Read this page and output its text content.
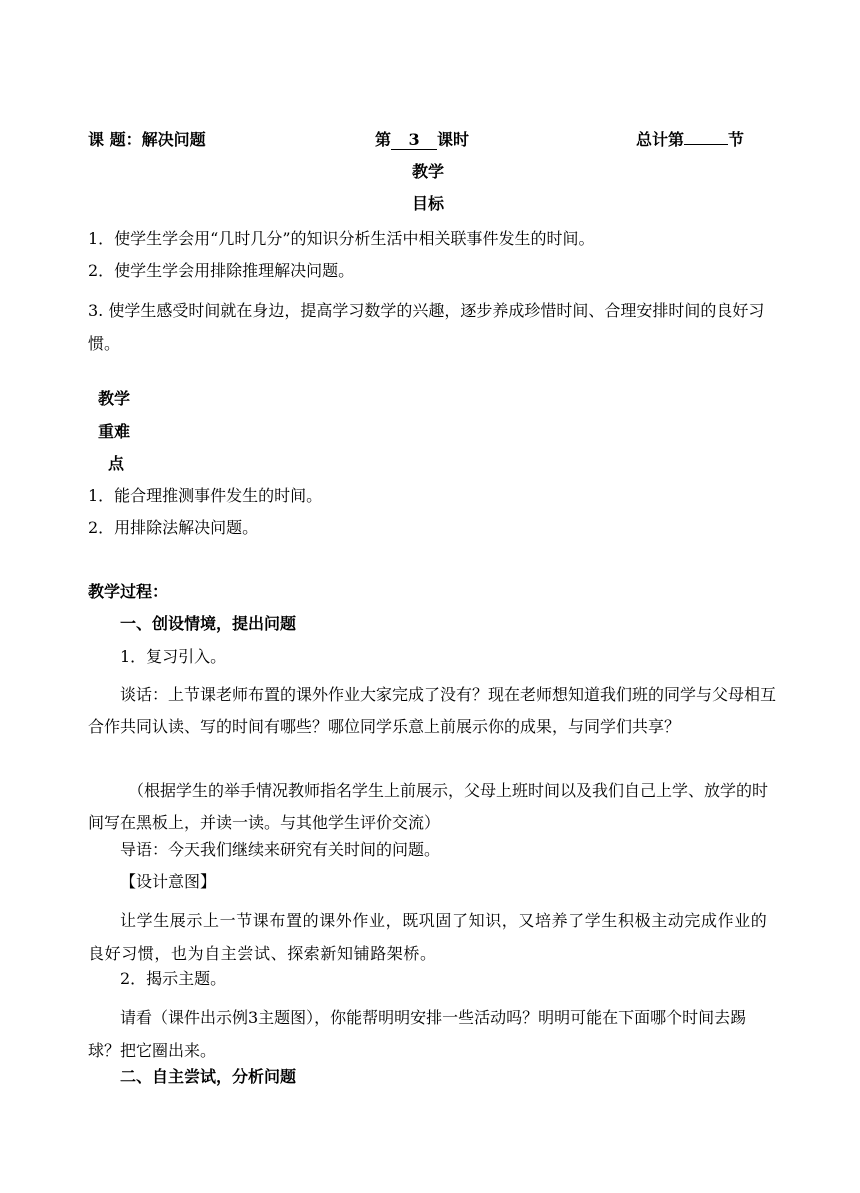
课 题：解决问题	第 3 课时	总计第	节
教学
目标
1．使学生学会用“几时几分”的知识分析生活中相关联事件发生的时间。
2．使学生学会用排除推理解决问题。
3. 使学生感受时间就在身边，提高学习数学的兴趣，逐步养成珍惜时间、合理安排时间的良好习惯。
教学
重难
点
1．能合理推测事件发生的时间。
2．用排除法解决问题。
教学过程：
一、创设情境，提出问题
1．复习引入。
谈话：上节课老师布置的课外作业大家完成了没有？现在老师想知道我们班的同学与父母相互合作共同认读、写的时间有哪些？哪位同学乐意上前展示你的成果，与同学们共享？
（根据学生的举手情况教师指名学生上前展示，父母上班时间以及我们自己上学、放学的时间写在黑板上，并读一读。与其他学生评价交流）
导语：今天我们继续来研究有关时间的问题。
【设计意图】
让学生展示上一节课布置的课外作业，既巩固了知识，又培养了学生积极主动完成作业的良好习惯，也为自主尝试、探索新知铺路架桥。
2．揭示主题。
请看（课件出示例3主题图），你能帮明明安排一些活动吗？明明可能在下面哪个时间去踢球？把它圈出来。
二、自主尝试，分析问题
